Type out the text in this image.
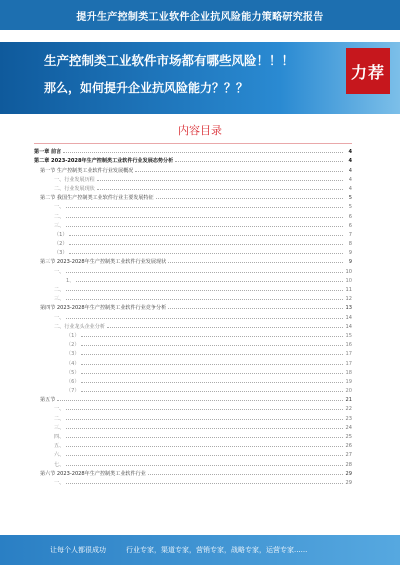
提升生产控制类工业软件企业抗风险能力策略研究报告
生产控制类工业软件市场都有哪些风险！！！
那么，如何提升企业抗风险能力？？？
力荐
内容目录
第一章 前言	4
第二章 2023-2028年生产控制类工业软件行业发展态势分析	4
第一节 生产控制类工业软件行业发展概况	4
一、行业发展历程	4
二、行业发展现状	4
第二节 我国生产控制类工业软件行业主要发展特征	5
一、	5
二、	6
三、	6
（1）	7
（2）	8
（3）	9
第三节 2023-2028年生产控制类工业软件行业发展现状	9
一、	10
1、	10
二、	11
三、	12
第四节 2023-2028年生产控制类工业软件行业竞争分析	13
一、	14
二、行业龙头企业分析	14
（1）	15
（2）	16
（3）	17
（4）	17
（5）	18
（6）	19
（7）	20
第五节	21
一、	22
二、	23
三、	24
四、	25
五、	26
六、	27
七、	28
第六节 2023-2028年生产控制类工业软件行业	29
一、	29
让每个人都很成功	行业专家，渠道专家，营销专家，战略专家，运营专家......
